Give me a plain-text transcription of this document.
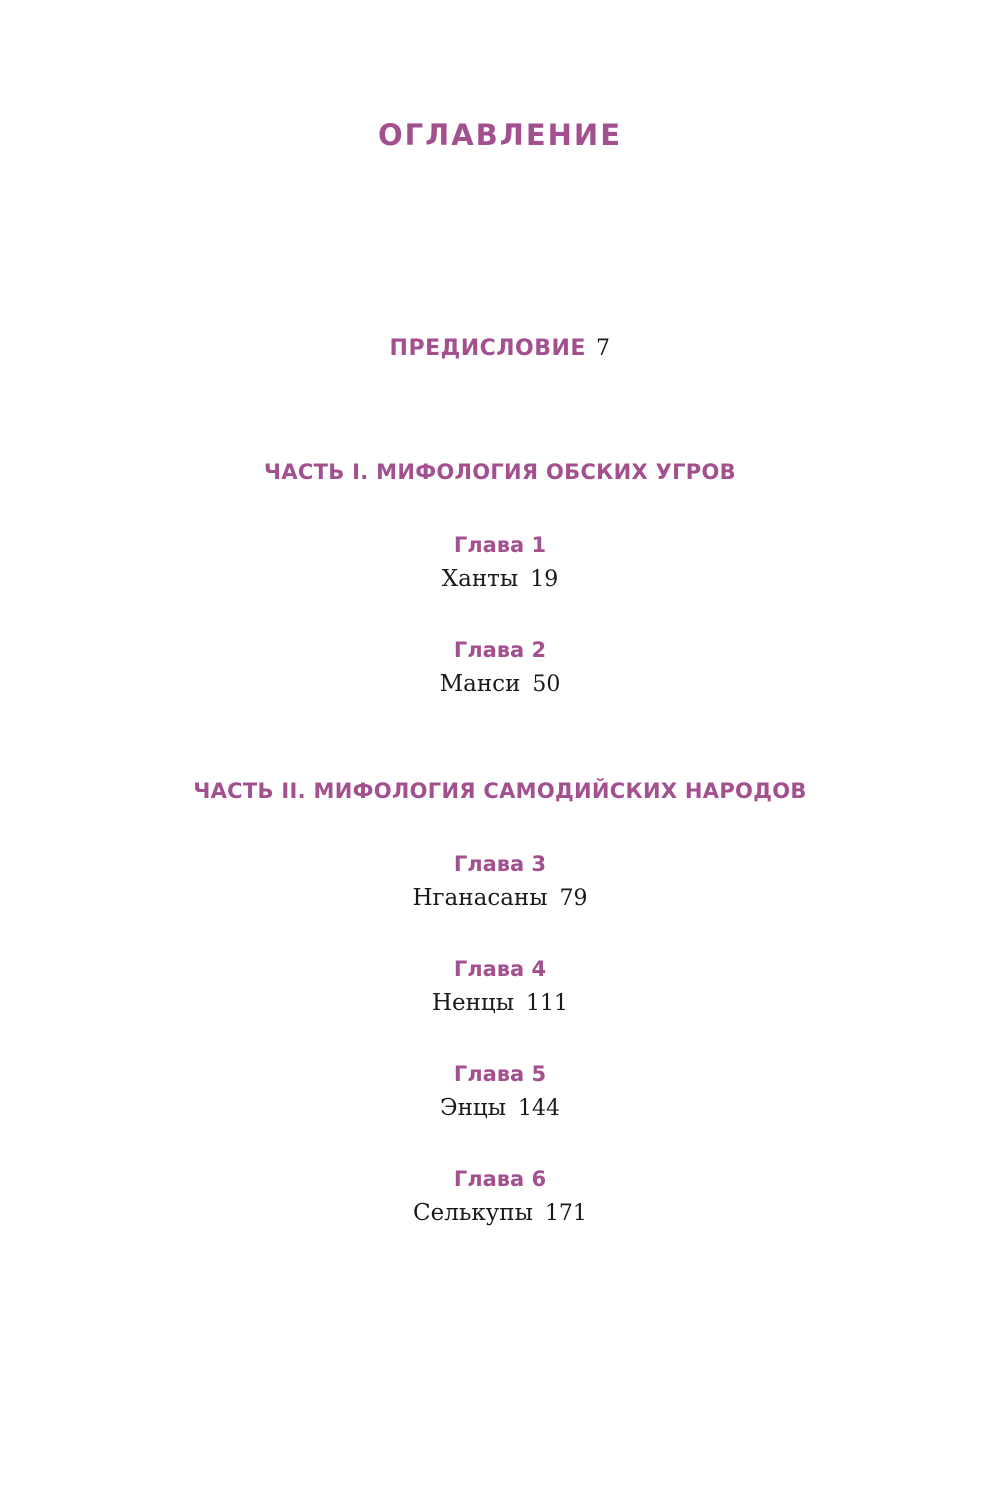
ОГЛАВЛЕНИЕ
ПРЕДИСЛОВИЕ 7
ЧАСТЬ I. МИФОЛОГИЯ ОБСКИХ УГРОВ
Глава 1
Ханты 19
Глава 2
Манси 50
ЧАСТЬ II. МИФОЛОГИЯ САМОДИЙСКИХ НАРОДОВ
Глава 3
Нганасаны 79
Глава 4
Ненцы 111
Глава 5
Энцы 144
Глава 6
Селькупы 171
